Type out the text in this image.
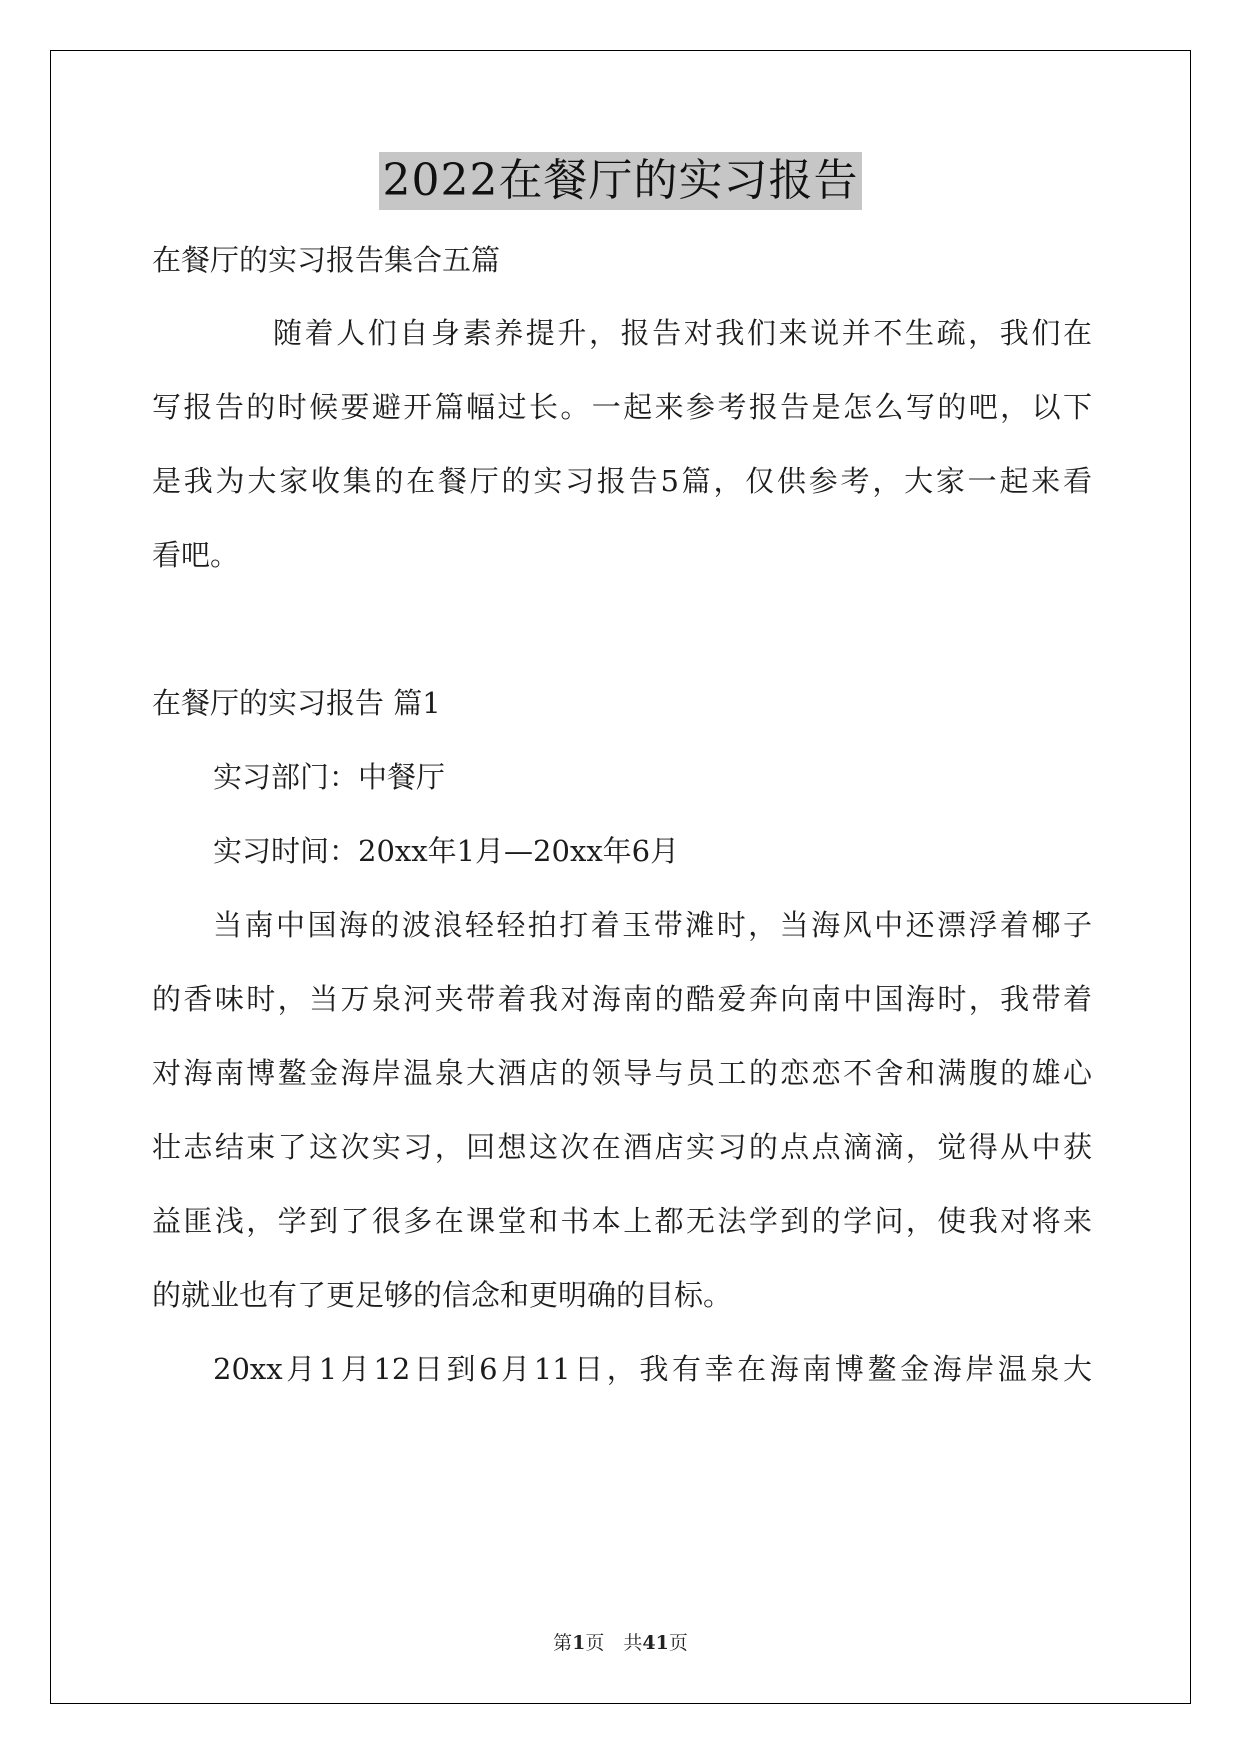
2022在餐厅的实习报告
在餐厅的实习报告集合五篇
随着人们自身素养提升，报告对我们来说并不生疏，我们在
写报告的时候要避开篇幅过长。一起来参考报告是怎么写的吧，以下
是我为大家收集的在餐厅的实习报告5篇，仅供参考，大家一起来看
看吧。
在餐厅的实习报告 篇1
实习部门：中餐厅
实习时间：20xx年1月—20xx年6月
当南中国海的波浪轻轻拍打着玉带滩时，当海风中还漂浮着椰子
的香味时，当万泉河夹带着我对海南的酷爱奔向南中国海时，我带着
对海南博鳌金海岸温泉大酒店的领导与员工的恋恋不舍和满腹的雄心
壮志结束了这次实习，回想这次在酒店实习的点点滴滴，觉得从中获
益匪浅，学到了很多在课堂和书本上都无法学到的学问，使我对将来
的就业也有了更足够的信念和更明确的目标。
20xx月1月12日到6月11日，我有幸在海南博鳌金海岸温泉大
第1页　共41页
